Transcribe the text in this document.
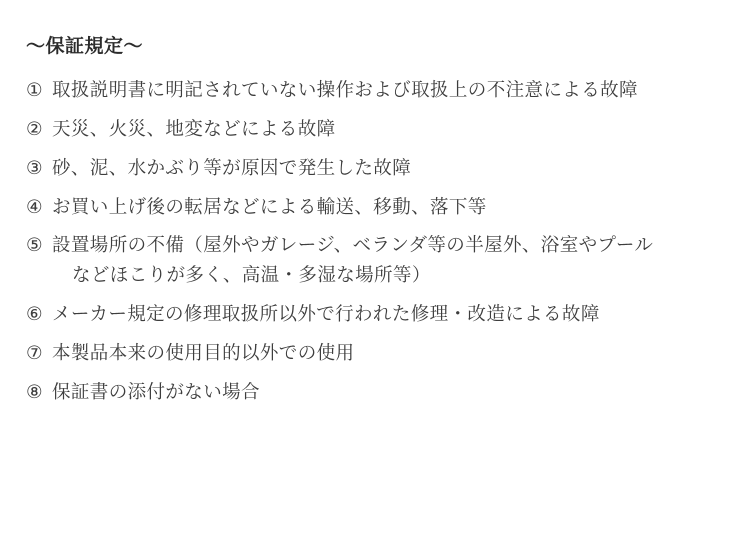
〜保証規定〜
① 取扱説明書に明記されていない操作および取扱上の不注意による故障
② 天災、火災、地変などによる故障
③ 砂、泥、水かぶり等が原因で発生した故障
④ お買い上げ後の転居などによる輸送、移動、落下等
⑤ 設置場所の不備（屋外やガレージ、ベランダ等の半屋外、浴室やプール
などほこりが多く、高温・多湿な場所等）
⑥ メーカー規定の修理取扱所以外で行われた修理・改造による故障
⑦ 本製品本来の使用目的以外での使用
⑧ 保証書の添付がない場合
